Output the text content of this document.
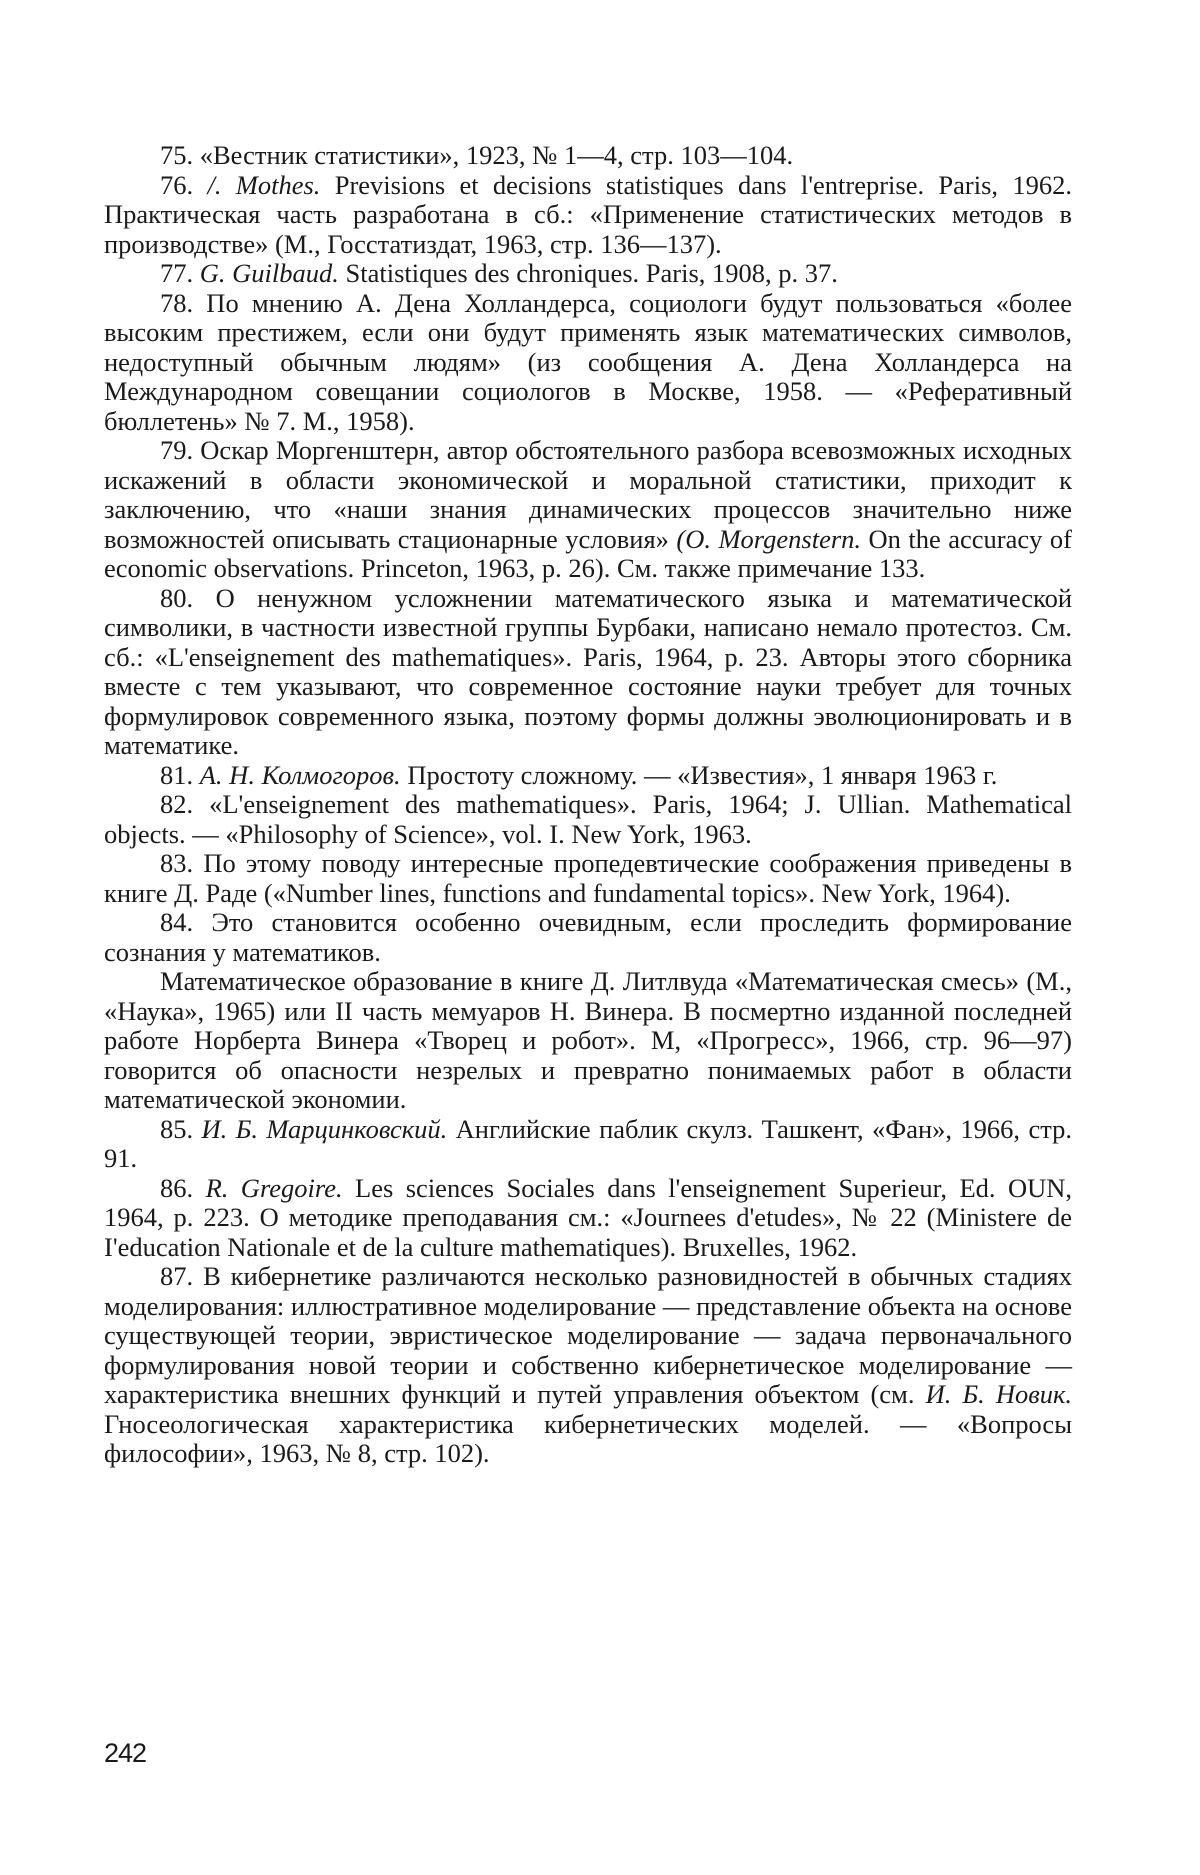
75. «Вестник статистики», 1923, № 1—4, стр. 103—104.

76. /. Mothes. Previsions et decisions statistiques dans l'entreprise. Paris, 1962. Практическая часть разработана в сб.: «Применение статистических методов в производстве» (М., Госстатиздат, 1963, стр. 136—137).

77. G. Guilbaud. Statistiques des chroniques. Paris, 1908, p. 37.

78. По мнению А. Дена Холландерса, социологи будут пользоваться «более высоким престижем, если они будут применять язык математических символов, недоступный обычным людям» (из сообщения А. Дена Холландерса на Международном совещании социологов в Москве, 1958. — «Реферативный бюллетень» № 7. М., 1958).

79. Оскар Моргенштерн, автор обстоятельного разбора всевозможных исходных искажений в области экономической и моральной статистики, приходит к заключению, что «наши знания динамических процессов значительно ниже возможностей описывать стационарные условия» (O. Morgenstern. On the accuracy of economic observations. Princeton, 1963, p. 26). См. также примечание 133.

80. О ненужном усложнении математического языка и математической символики, в частности известной группы Бурбаки, написано немало протестоз. См. сб.: «L'enseignement des mathematiques». Paris, 1964, p. 23. Авторы этого сборника вместе с тем указывают, что современное состояние науки требует для точных формулировок современного языка, поэтому формы должны эволюционировать и в математике.

81. А. Н. Колмогоров. Простоту сложному. — «Известия», 1 января 1963 г.

82. «L'enseignement des mathematiques». Paris, 1964; J. Ullian. Mathematical objects. — «Philosophy of Science», vol. I. New York, 1963.

83. По этому поводу интересные пропедевтические соображения приведены в книге Д. Раде («Number lines, functions and fundamental topics». New York, 1964).

84. Это становится особенно очевидным, если проследить формирование сознания у математиков.

Математическое образование в книге Д. Литлвуда «Математическая смесь» (М., «Наука», 1965) или II часть мемуаров Н. Винера. В посмертно изданной последней работе Норберта Винера «Творец и робот». М, «Прогресс», 1966, стр. 96—97) говорится об опасности незрелых и превратно понимаемых работ в области математической экономии.

85. И. Б. Марцинковский. Английские паблик скулз. Ташкент, «Фан», 1966, стр. 91.

86. R. Gregoire. Les sciences Sociales dans l'enseignement Superieur, Ed. OUN, 1964, p. 223. О методике преподавания см.: «Journees d'etudes», № 22 (Ministere de I'education Nationale et de la culture mathematiques). Bruxelles, 1962.

87. В кибернетике различаются несколько разновидностей в обычных стадиях моделирования: иллюстративное моделирование — представление объекта на основе существующей теории, эвристическое моделирование — задача первоначального формулирования новой теории и собственно кибернетическое моделирование — характеристика внешних функций и путей управления объектом (см. И. Б. Новик. Гносеологическая характеристика кибернетических моделей. — «Вопросы философии», 1963, № 8, стр. 102).

242
